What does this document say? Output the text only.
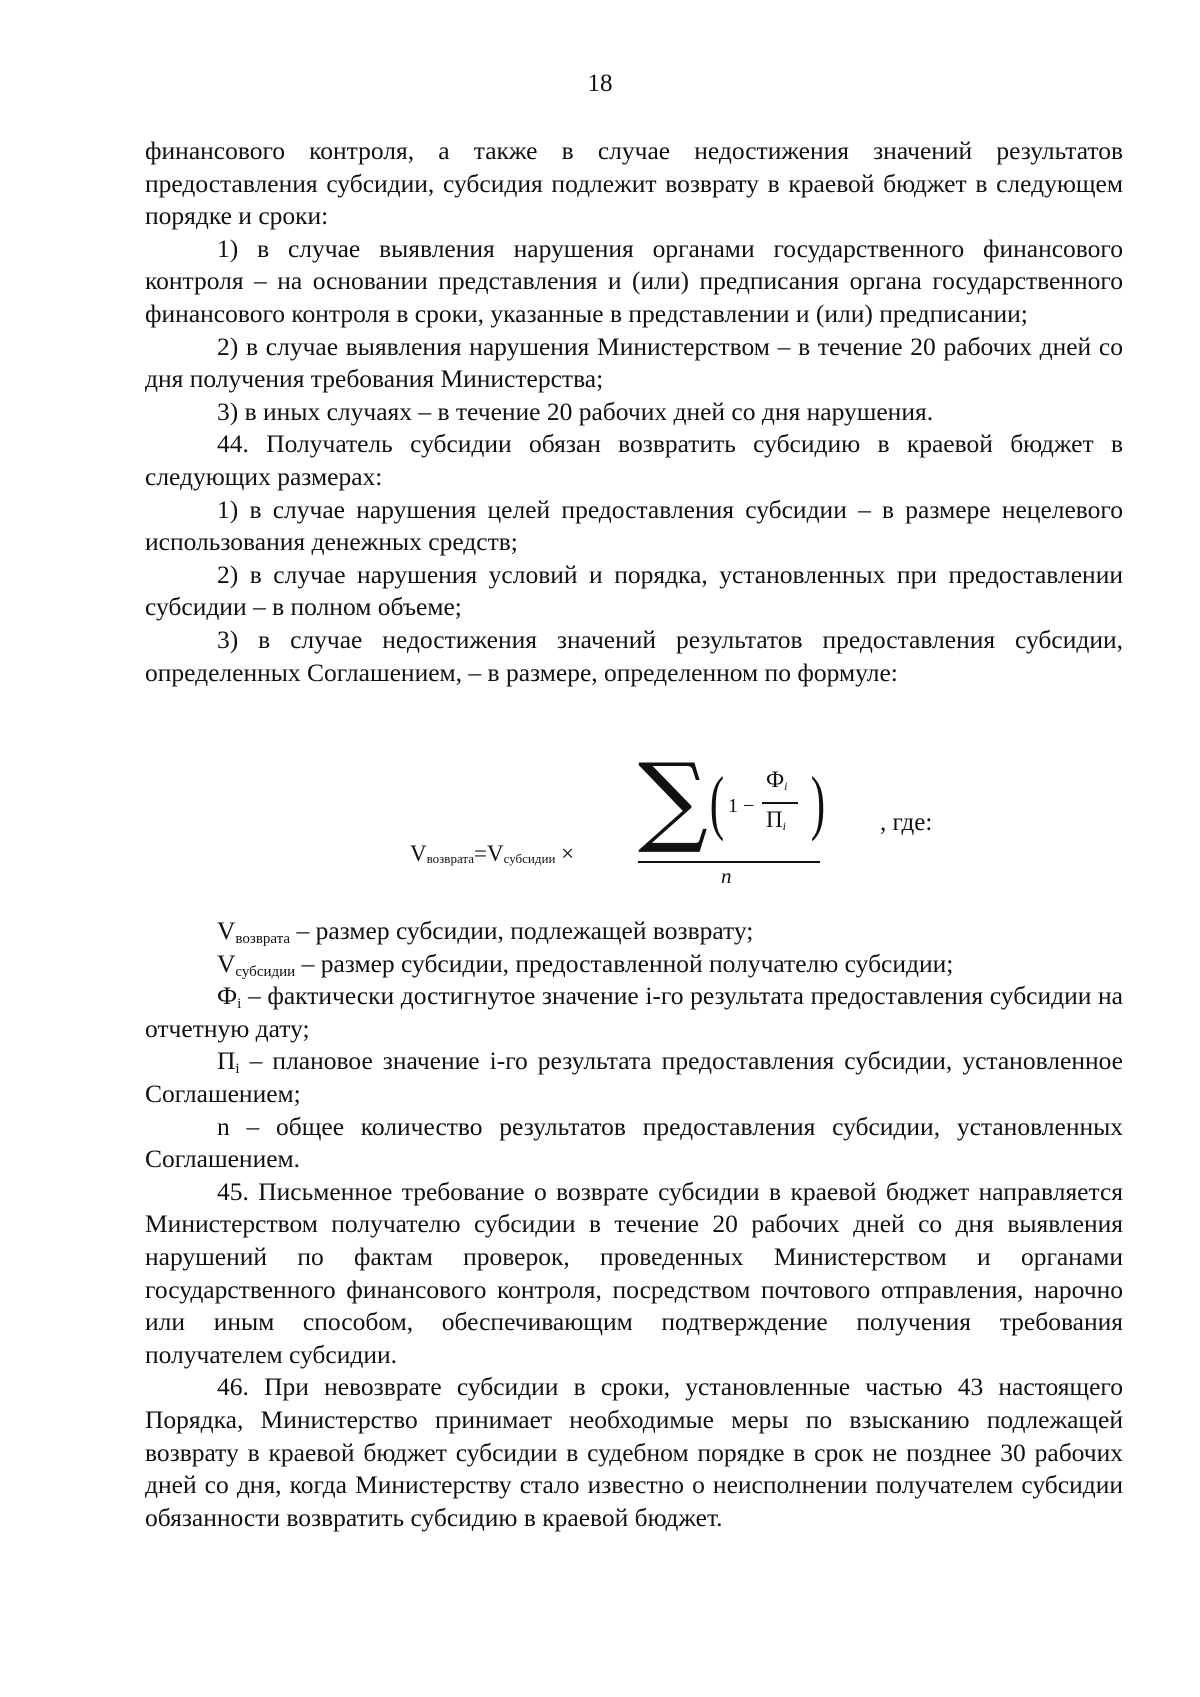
18

финансового контроля, а также в случае недостижения значений результатов предоставления субсидии, субсидия подлежит возврату в краевой бюджет в следующем порядке и сроки:

1) в случае выявления нарушения органами государственного финансового контроля – на основании представления и (или) предписания органа государственного финансового контроля в сроки, указанные в представлении и (или) предписании;

2) в случае выявления нарушения Министерством – в течение 20 рабочих дней со дня получения требования Министерства;

3) в иных случаях – в течение 20 рабочих дней со дня нарушения.

44. Получатель субсидии обязан возвратить субсидию в краевой бюджет в следующих размерах:

1) в случае нарушения целей предоставления субсидии – в размере нецелевого использования денежных средств;

2) в случае нарушения условий и порядка, установленных при предоставлении субсидии – в полном объеме;

3) в случае недостижения значений результатов предоставления субсидии, определенных Соглашением, – в размере, определенном по формуле:

$V_{возврата}=V_{субсидии}$ × ∑ ( 1 −
$Ф_i$
$П_i$ )
n
, где:

$V_{возврата}$ – размер субсидии, подлежащей возврату;

$V_{субсидии}$ – размер субсидии, предоставленной получателю субсидии;

$Ф_i$ – фактически достигнутое значение i-го результата предоставления субсидии на отчетную дату;

$П_i$ – плановое значение i-го результата предоставления субсидии, установленное Соглашением;

n – общее количество результатов предоставления субсидии, установленных Соглашением.

45. Письменное требование о возврате субсидии в краевой бюджет направляется Министерством получателю субсидии в течение 20 рабочих дней со дня выявления нарушений по фактам проверок, проведенных Министерством и органами государственного финансового контроля, посредством почтового отправления, нарочно или иным способом, обеспечивающим подтверждение получения требования получателем субсидии.

46. При невозврате субсидии в сроки, установленные частью 43 настоящего Порядка, Министерство принимает необходимые меры по взысканию подлежащей возврату в краевой бюджет субсидии в судебном порядке в срок не позднее 30 рабочих дней со дня, когда Министерству стало известно о неисполнении получателем субсидии обязанности возвратить субсидию в краевой бюджет.
